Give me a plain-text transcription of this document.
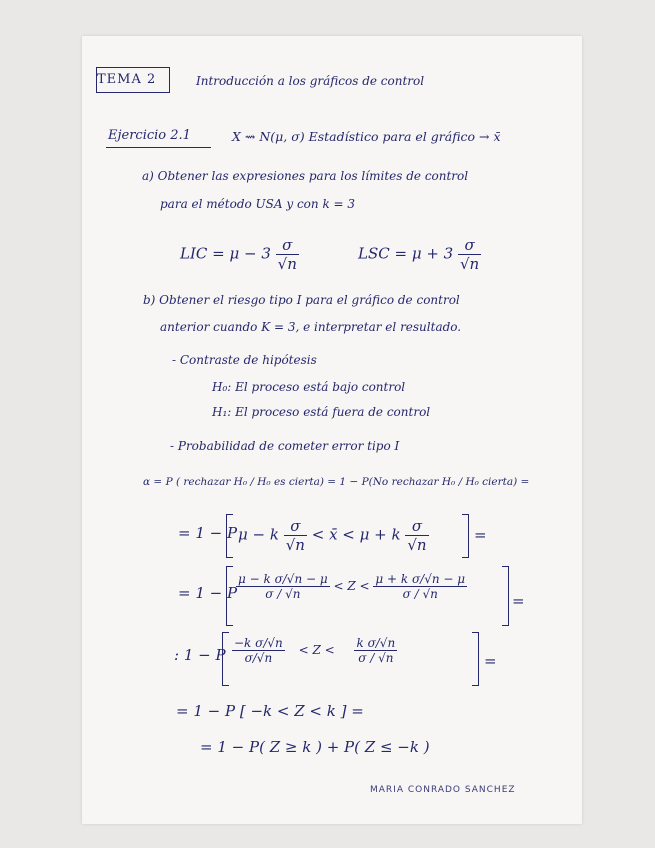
TEMA 2	Introducción a los gráficos de control
Ejercicio 2.1	X ⇝ N(μ, σ) Estadístico para el gráfico → x̄
a) Obtener las expresiones para los límites de control
para el método USA y con k = 3
LIC = $\mu - 3 \frac{\sigma}{√n}$	LSC = $\mu + 3 \frac{\sigma}{√n}$
b) Obtener el riesgo tipo I para el gráfico de control
anterior cuando K = 3, e interpretar el resultado.
- Contraste de hipótesis
H₀: El proceso está bajo control
H₁: El proceso está fuera de control
- Probabilidad de cometer error tipo I
α = P ( rechazar H₀ / H₀ es cierta) = 1 − P(No rechazar H₀ / H₀ cierta) =
= 1 − P μ − k $\frac{\sigma}{√n}$ < x̄ < μ + k $\frac{\sigma}{√n}$	=
= 1 − P
$\frac{\text{μ − k σ/√n − μ}}{\sigma / √n} < Z < \frac{\text{μ + k σ/√n − μ}}{\sigma / √n}$	=
: 1 − P $\frac{\text{−k σ/√n}}{\sigma/√n} < Z < \frac{\text{k σ/√n}}{\sigma / √n}$	=
= 1 − P [ −k < Z < k ] =
= 1 − P( Z ≥ k ) + P( Z ≤ −k )
MARIA CONRADO SANCHEZ
